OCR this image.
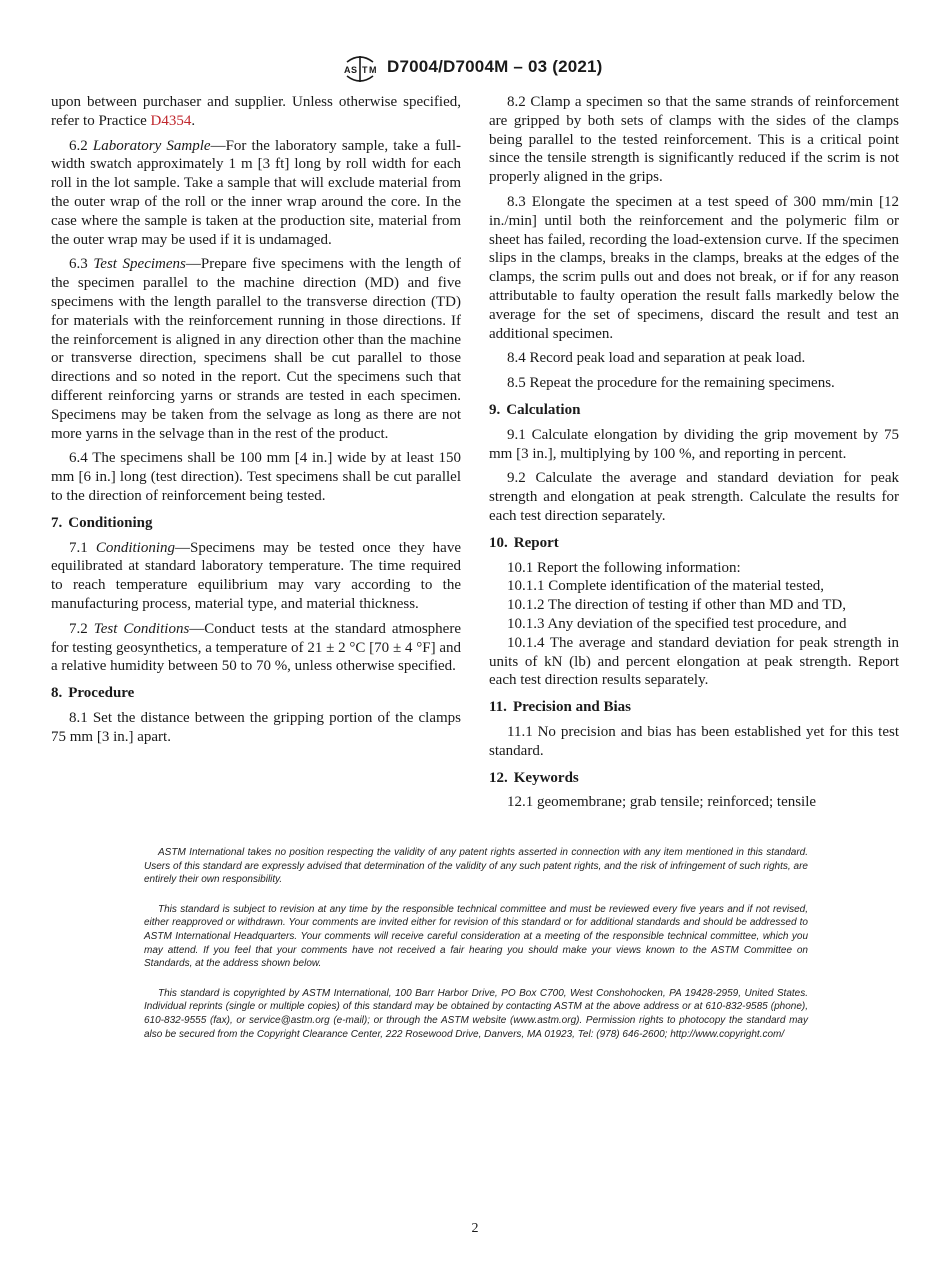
A S T M D7004/D7004M – 03 (2021)

upon between purchaser and supplier. Unless otherwise specified, refer to Practice D4354.

6.2 Laboratory Sample—For the laboratory sample, take a full-width swatch approximately 1 m [3 ft] long by roll width for each roll in the lot sample. Take a sample that will exclude material from the outer wrap of the roll or the inner wrap around the core. In the case where the sample is taken at the production site, material from the outer wrap may be used if it is undamaged.

6.3 Test Specimens—Prepare five specimens with the length of the specimen parallel to the machine direction (MD) and five specimens with the length parallel to the transverse direction (TD) for materials with the reinforcement running in those directions. If the reinforcement is aligned in any direction other than the machine or transverse direction, specimens shall be cut parallel to those directions and so noted in the report. Cut the specimens such that different reinforcing yarns or strands are tested in each specimen. Specimens may be taken from the selvage as long as there are not more yarns in the selvage than in the rest of the product.

6.4 The specimens shall be 100 mm [4 in.] wide by at least 150 mm [6 in.] long (test direction). Test specimens shall be cut parallel to the direction of reinforcement being tested.

7. Conditioning

7.1 Conditioning—Specimens may be tested once they have equilibrated at standard laboratory temperature. The time required to reach temperature equilibrium may vary according to the manufacturing process, material type, and material thickness.

7.2 Test Conditions—Conduct tests at the standard atmosphere for testing geosynthetics, a temperature of 21 ± 2 °C [70 ± 4 °F] and a relative humidity between 50 to 70 %, unless otherwise specified.

8. Procedure

8.1 Set the distance between the gripping portion of the clamps 75 mm [3 in.] apart.

8.2 Clamp a specimen so that the same strands of reinforcement are gripped by both sets of clamps with the sides of the clamps being parallel to the tested reinforcement. This is a critical point since the tensile strength is significantly reduced if the scrim is not properly aligned in the grips.

8.3 Elongate the specimen at a test speed of 300 mm/min [12 in./min] until both the reinforcement and the polymeric film or sheet has failed, recording the load-extension curve. If the specimen slips in the clamps, breaks in the clamps, breaks at the edges of the clamps, the scrim pulls out and does not break, or if for any reason attributable to faulty operation the result falls markedly below the average for the set of specimens, discard the result and test an additional specimen.

8.4 Record peak load and separation at peak load.

8.5 Repeat the procedure for the remaining specimens.

9. Calculation

9.1 Calculate elongation by dividing the grip movement by 75 mm [3 in.], multiplying by 100 %, and reporting in percent.

9.2 Calculate the average and standard deviation for peak strength and elongation at peak strength. Calculate the results for each test direction separately.

10. Report

10.1 Report the following information:

10.1.1 Complete identification of the material tested,

10.1.2 The direction of testing if other than MD and TD,

10.1.3 Any deviation of the specified test procedure, and

10.1.4 The average and standard deviation for peak strength in units of kN (lb) and percent elongation at peak strength. Report each test direction results separately.

11. Precision and Bias

11.1 No precision and bias has been established yet for this test standard.

12. Keywords

12.1 geomembrane; grab tensile; reinforced; tensile

ASTM International takes no position respecting the validity of any patent rights asserted in connection with any item mentioned in this standard. Users of this standard are expressly advised that determination of the validity of any such patent rights, and the risk of infringement of such rights, are entirely their own responsibility.

This standard is subject to revision at any time by the responsible technical committee and must be reviewed every five years and if not revised, either reapproved or withdrawn. Your comments are invited either for revision of this standard or for additional standards and should be addressed to ASTM International Headquarters. Your comments will receive careful consideration at a meeting of the responsible technical committee, which you may attend. If you feel that your comments have not received a fair hearing you should make your views known to the ASTM Committee on Standards, at the address shown below.

This standard is copyrighted by ASTM International, 100 Barr Harbor Drive, PO Box C700, West Conshohocken, PA 19428-2959, United States. Individual reprints (single or multiple copies) of this standard may be obtained by contacting ASTM at the above address or at 610-832-9585 (phone), 610-832-9555 (fax), or service@astm.org (e-mail); or through the ASTM website (www.astm.org). Permission rights to photocopy the standard may also be secured from the Copyright Clearance Center, 222 Rosewood Drive, Danvers, MA 01923, Tel: (978) 646-2600; http://www.copyright.com/

2
